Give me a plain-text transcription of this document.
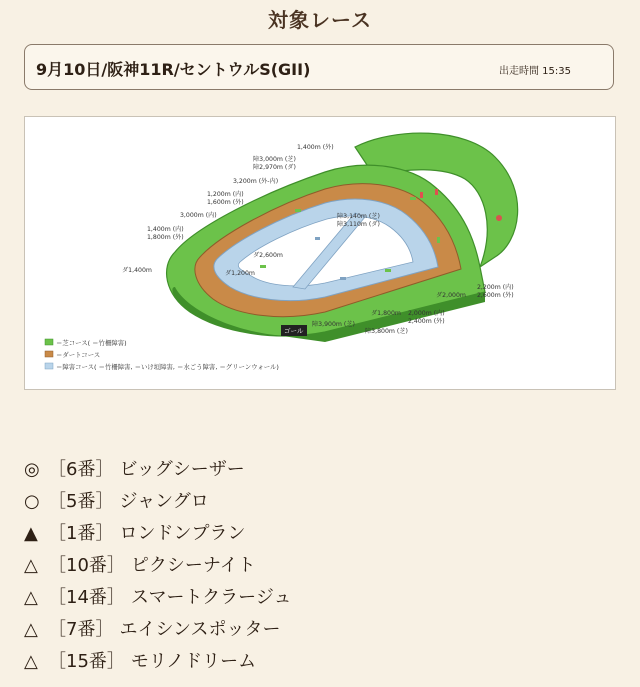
対象レース
9月10日/阪神11R/セントウルS(GII)	出走時間 15:35
ゴール
1,400m (外)
障3,000m (芝)
障2,970m (ダ)
3,200m (外-内)
1,200m (内)
1,600m (外)
3,000m (内)
1,400m (内)
1,800m (外)
ダ1,400m
障3,140m (芝)
障3,110m (ダ)
ダ2,600m
ダ1,200m
2,200m (内)
2,600m (外)
ダ2,000m
ダ1,800m 2,000m (内)
2,400m (外)
障3,900m (芝)
障3,800m (芝)
＝芝コース( ＝竹柵障害)
＝ダートコース
＝障害コース( ＝竹柵障害, ＝いけ垣障害, ＝水ごう障害, ＝グリーンウォール)
◎ ［6番］ ビッグシーザー
○ ［5番］ ジャングロ
▲ ［1番］ ロンドンプラン
△ ［10番］ ピクシーナイト
△ ［14番］ スマートクラージュ
△ ［7番］ エイシンスポッター
△ ［15番］ モリノドリーム
